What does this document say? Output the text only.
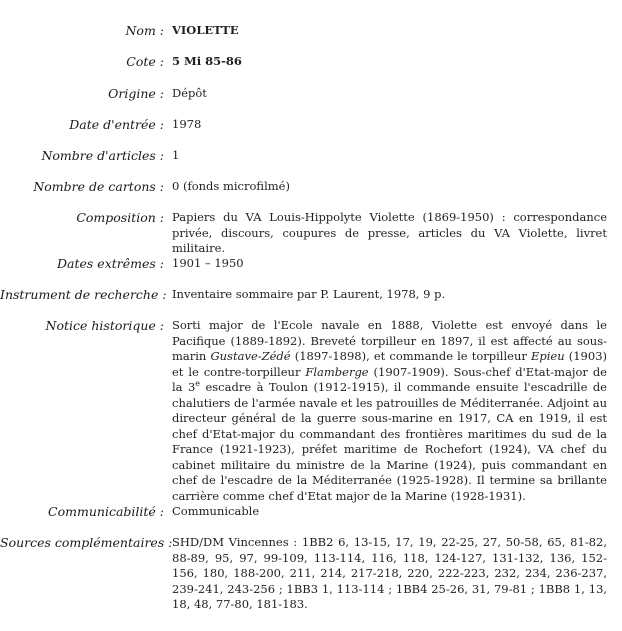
Nom : VIOLETTE
Cote : 5 Mi 85-86
Origine : Dépôt
Date d'entrée : 1978
Nombre d'articles : 1
Nombre de cartons : 0 (fonds microfilmé)
Composition : Papiers du VA Louis-Hippolyte Violette (1869-1950) : correspondance privée, discours, coupures de presse, articles du VA Violette, livret militaire.
Dates extrêmes : 1901 – 1950
Instrument de recherche : Inventaire sommaire par P. Laurent, 1978, 9 p.
Notice historique : Sorti major de l'Ecole navale en 1888, Violette est envoyé dans le Pacifique (1889-1892). Breveté torpilleur en 1897, il est affecté au sous-marin Gustave-Zédé (1897-1898), et commande le torpilleur Epieu (1903) et le contre-torpilleur Flamberge (1907-1909). Sous-chef d'Etat-major de la 3e escadre à Toulon (1912-1915), il commande ensuite l'escadrille de chalutiers de l'armée navale et les patrouilles de Méditerranée. Adjoint au directeur général de la guerre sous-marine en 1917, CA en 1919, il est chef d'Etat-major du commandant des frontières maritimes du sud de la France (1921-1923), préfet maritime de Rochefort (1924), VA chef du cabinet militaire du ministre de la Marine (1924), puis commandant en chef de l'escadre de la Méditerranée (1925-1928). Il termine sa brillante carrière comme chef d'Etat major de la Marine (1928-1931).
Communicabilité : Communicable
Sources complémentaires : SHD/DM Vincennes : 1BB2 6, 13-15, 17, 19, 22-25, 27, 50-58, 65, 81-82, 88-89, 95, 97, 99-109, 113-114, 116, 118, 124-127, 131-132, 136, 152-156, 180, 188-200, 211, 214, 217-218, 220, 222-223, 232, 234, 236-237, 239-241, 243-256 ; 1BB3 1, 113-114 ; 1BB4 25-26, 31, 79-81 ; 1BB8 1, 13, 18, 48, 77-80, 181-183.
